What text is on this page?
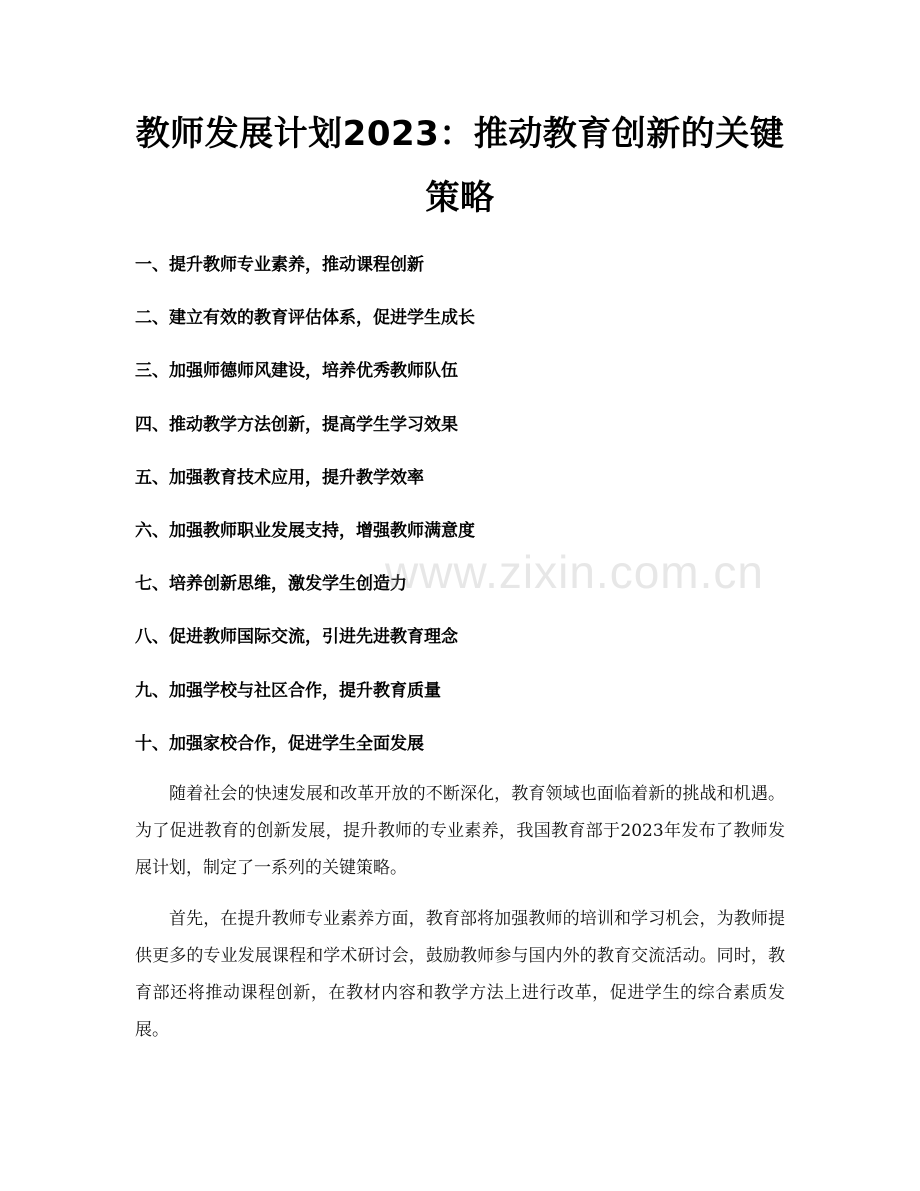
教师发展计划2023：推动教育创新的关键策略
一、提升教师专业素养，推动课程创新
二、建立有效的教育评估体系，促进学生成长
三、加强师德师风建设，培养优秀教师队伍
四、推动教学方法创新，提高学生学习效果
五、加强教育技术应用，提升教学效率
六、加强教师职业发展支持，增强教师满意度
七、培养创新思维，激发学生创造力
八、促进教师国际交流，引进先进教育理念
九、加强学校与社区合作，提升教育质量
十、加强家校合作，促进学生全面发展

随着社会的快速发展和改革开放的不断深化，教育领域也面临着新的挑战和机遇。为了促进教育的创新发展，提升教师的专业素养，我国教育部于2023年发布了教师发展计划，制定了一系列的关键策略。

首先，在提升教师专业素养方面，教育部将加强教师的培训和学习机会，为教师提供更多的专业发展课程和学术研讨会，鼓励教师参与国内外的教育交流活动。同时，教育部还将推动课程创新，在教材内容和教学方法上进行改革，促进学生的综合素质发展。

www.zixin.com.cn
